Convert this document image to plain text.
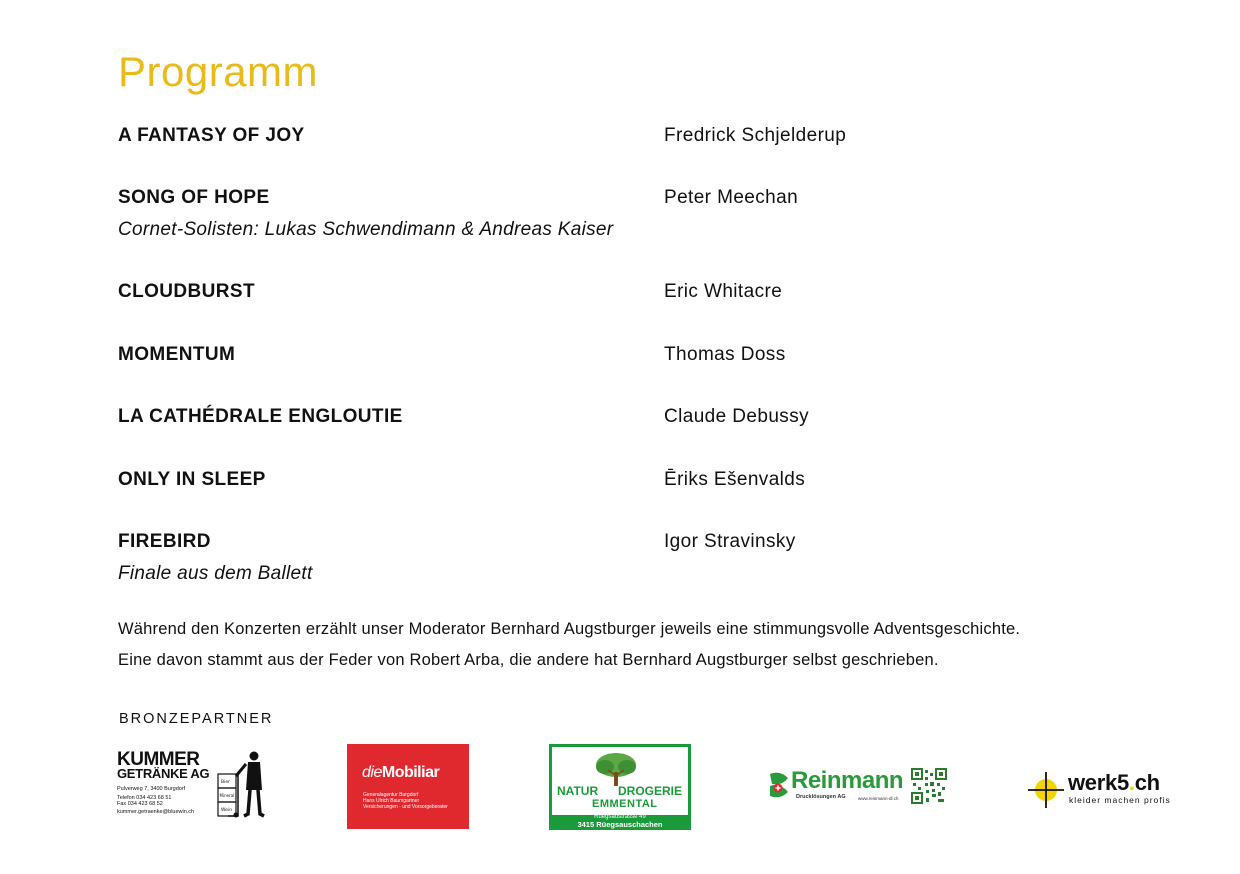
Programm
A FANTASY OF JOY	Fredrick Schjelderup
SONG OF HOPE	Peter Meechan
Cornet-Solisten: Lukas Schwendimann & Andreas Kaiser
CLOUDBURST	Eric Whitacre
MOMENTUM	Thomas Doss
LA CATHÉDRALE ENGLOUTIE	Claude Debussy
ONLY IN SLEEP	Ēriks Ešenvalds
FIREBIRD	Igor Stravinsky
Finale aus dem Ballett
Während den Konzerten erzählt unser Moderator Bernhard Augstburger jeweils eine stimmungsvolle Adventsgeschichte.
Eine davon stammt aus der Feder von Robert Arba, die andere hat Bernhard Augstburger selbst geschrieben.
BRONZEPARTNER
KUMMER
GETRÄNKE AG
Pulverweg 7, 3400 Burgdorf
Telefon 034 423 68 51
Fax 034 423 68 52
kummer.getraenke@bluewin.ch
Bier
Mineral
Wein
dieMobiliar
Generalagentur Burgdorf
Hans Ulrich Baumgartner
Versicherungen · und Vorsorgeberater
NATUR DROGERIE
EMMENTAL
Rüegsaustrasse 49
3415 Rüegsauschachen
Reinmann
Drucklösungen AG	www.reinmann-dl.ch
werk5.ch
kleider machen profis
